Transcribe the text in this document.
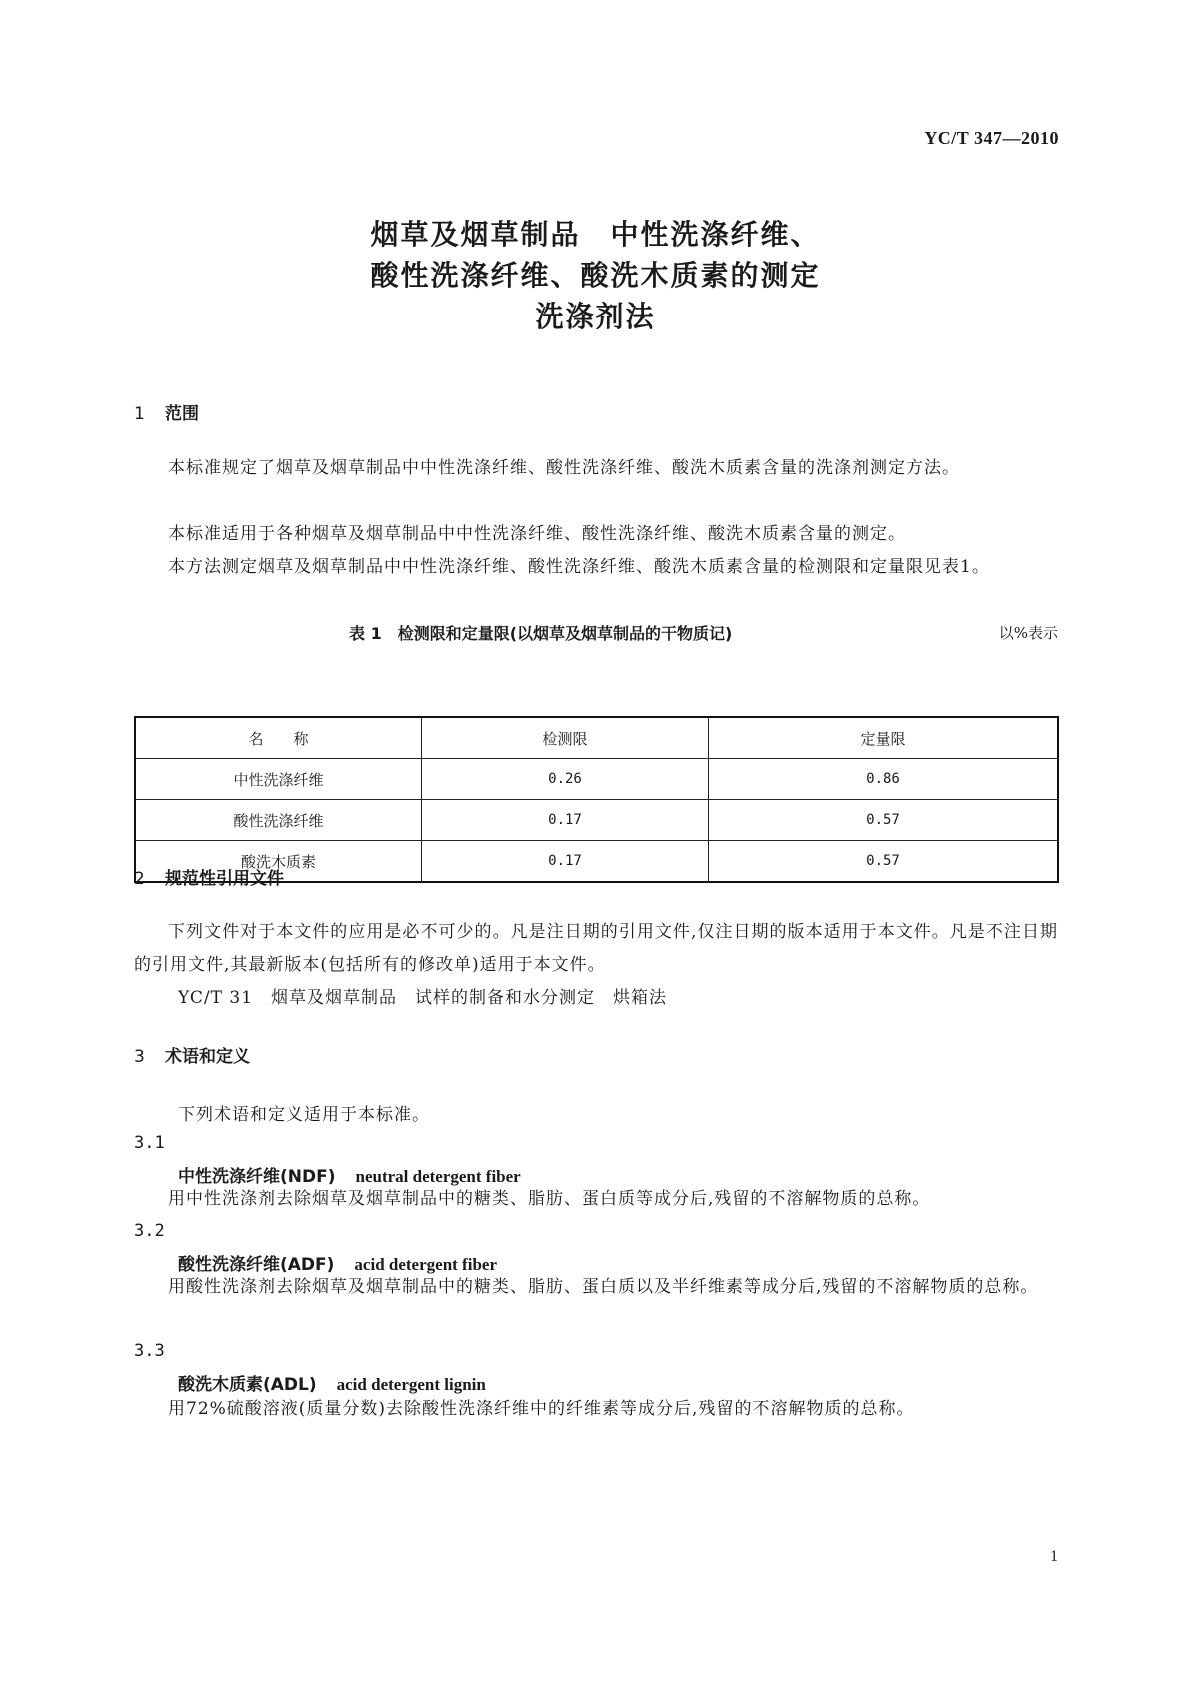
YC/T 347—2010
烟草及烟草制品　中性洗涤纤维、
酸性洗涤纤维、酸洗木质素的测定
洗涤剂法
1 范围
本标准规定了烟草及烟草制品中中性洗涤纤维、酸性洗涤纤维、酸洗木质素含量的洗涤剂测定方法。
本标准适用于各种烟草及烟草制品中中性洗涤纤维、酸性洗涤纤维、酸洗木质素含量的测定。
本方法测定烟草及烟草制品中中性洗涤纤维、酸性洗涤纤维、酸洗木质素含量的检测限和定量限见表1。
表 1　检测限和定量限(以烟草及烟草制品的干物质记)	以%表示
名　　称	检测限	定量限
中性洗涤纤维	0.26	0.86
酸性洗涤纤维	0.17	0.57
酸洗木质素	0.17	0.57
2 规范性引用文件
下列文件对于本文件的应用是必不可少的。凡是注日期的引用文件,仅注日期的版本适用于本文件。凡是不注日期的引用文件,其最新版本(包括所有的修改单)适用于本文件。
YC/T 31　烟草及烟草制品　试样的制备和水分测定　烘箱法
3 术语和定义
下列术语和定义适用于本标准。
3.1
中性洗涤纤维(NDF) neutral detergent fiber
用中性洗涤剂去除烟草及烟草制品中的糖类、脂肪、蛋白质等成分后,残留的不溶解物质的总称。
3.2
酸性洗涤纤维(ADF) acid detergent fiber
用酸性洗涤剂去除烟草及烟草制品中的糖类、脂肪、蛋白质以及半纤维素等成分后,残留的不溶解物质的总称。
3.3
酸洗木质素(ADL) acid detergent lignin
用72%硫酸溶液(质量分数)去除酸性洗涤纤维中的纤维素等成分后,残留的不溶解物质的总称。
1
